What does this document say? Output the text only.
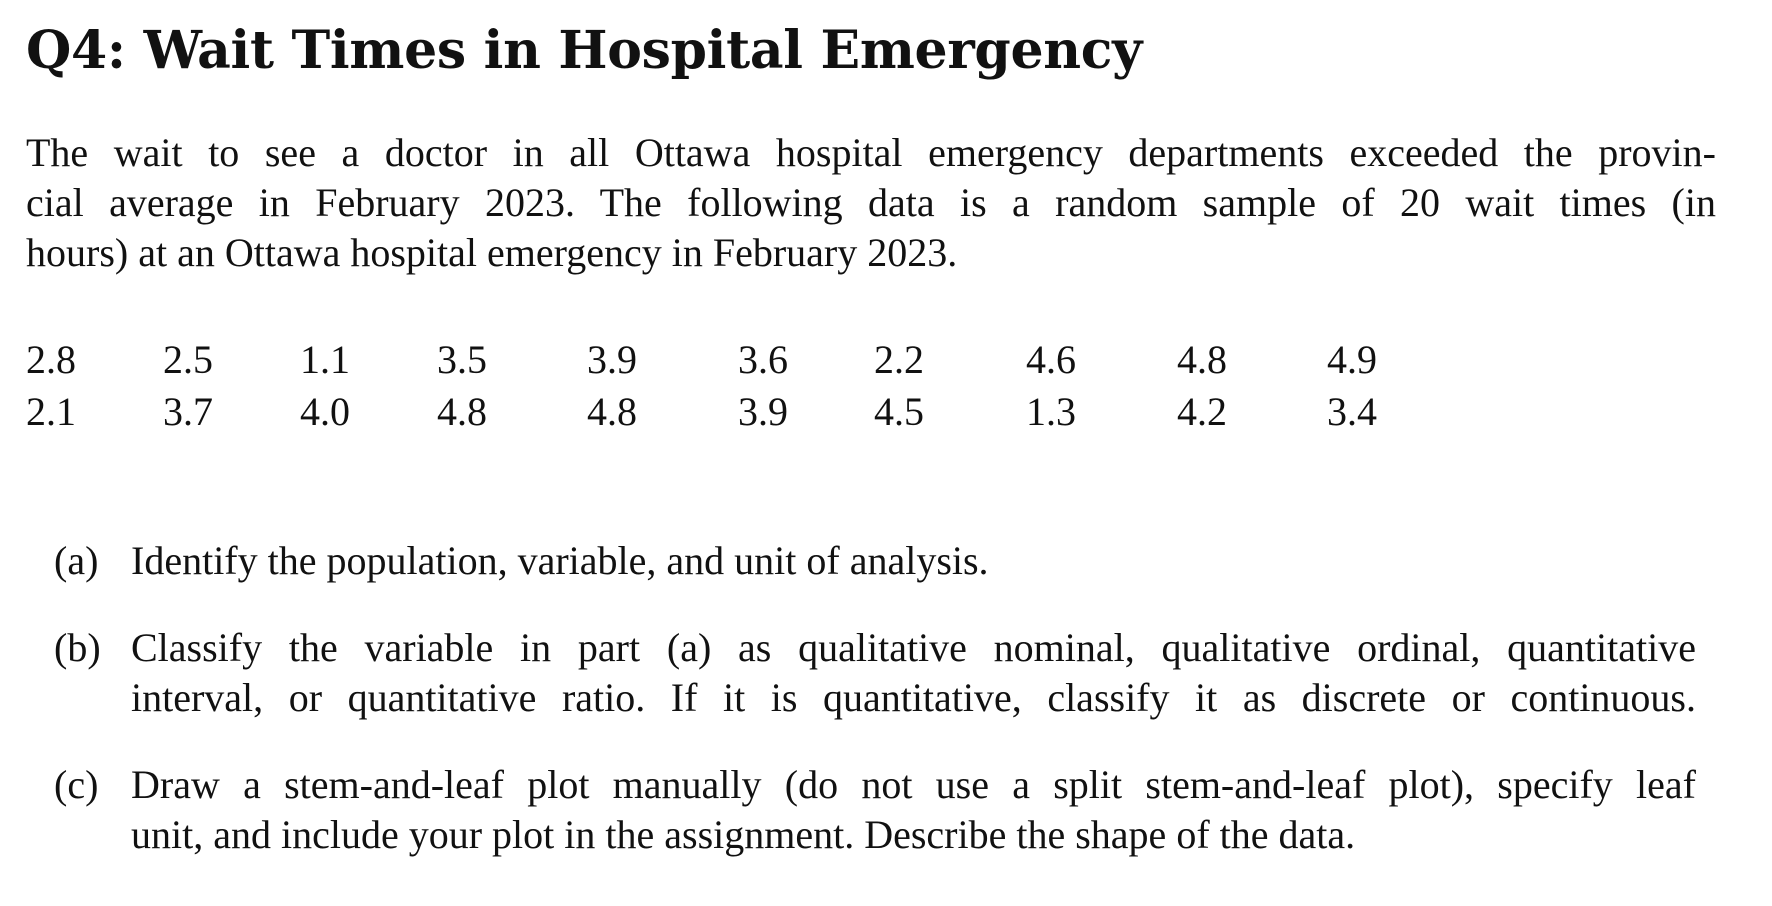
Q4: Wait Times in Hospital Emergency
The wait to see a doctor in all Ottawa hospital emergency departments exceeded the provin-
cial average in February 2023. The following data is a random sample of 20 wait times (in
hours) at an Ottawa hospital emergency in February 2023.
2.8	2.5	1.1	3.5	3.9	3.6	2.2	4.6	4.8	4.9
2.1	3.7	4.0	4.8	4.8	3.9	4.5	1.3	4.2	3.4
(a) Identify the population, variable, and unit of analysis.
(b) Classify the variable in part (a) as qualitative nominal, qualitative ordinal, quantitative
interval, or quantitative ratio. If it is quantitative, classify it as discrete or continuous.
(c) Draw a stem-and-leaf plot manually (do not use a split stem-and-leaf plot), specify leaf
unit, and include your plot in the assignment. Describe the shape of the data.
